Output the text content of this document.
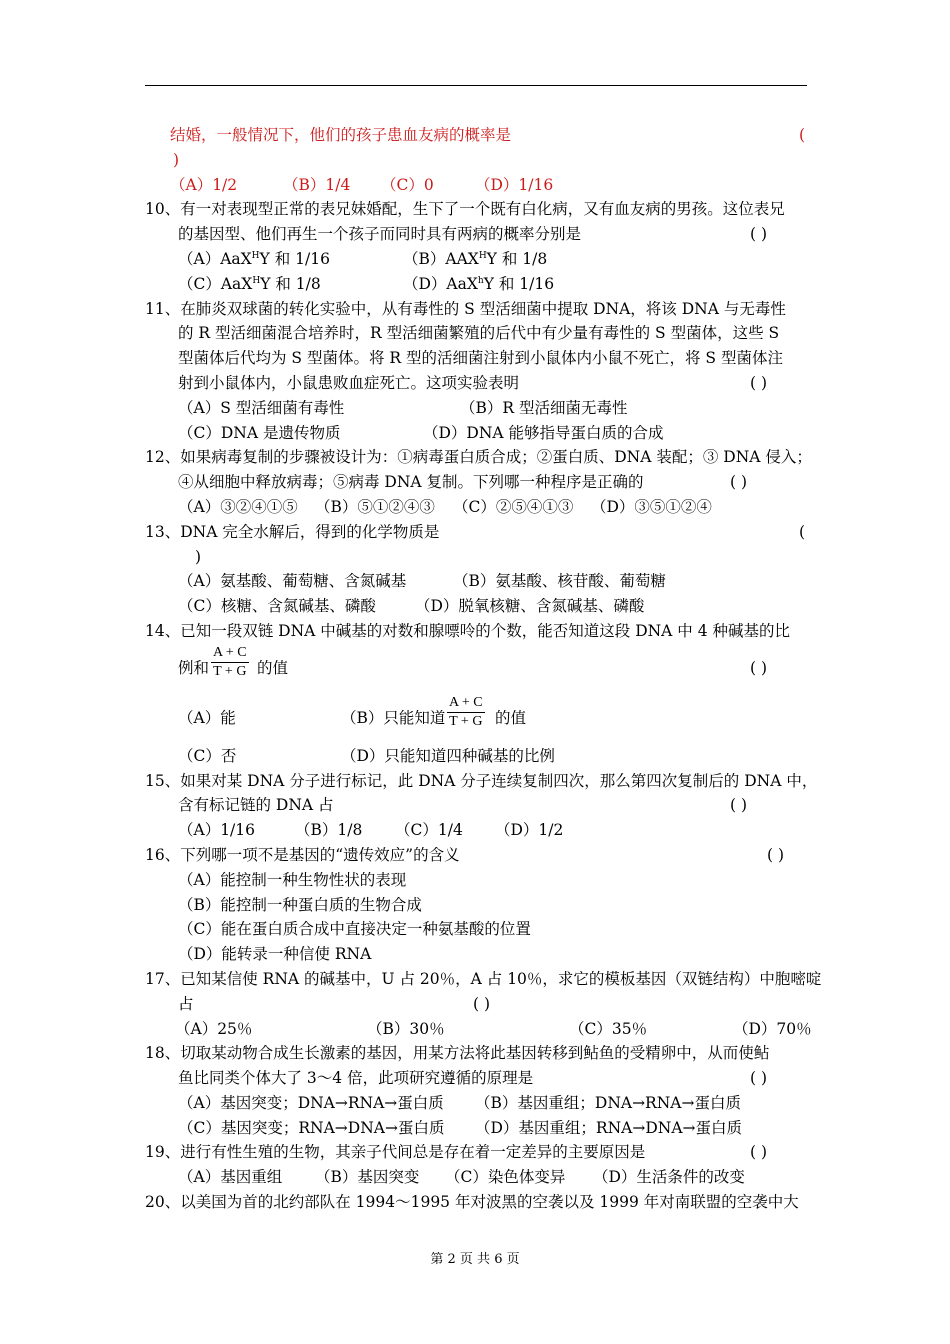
结婚，一般情况下，他们的孩子患血友病的概率是	(
)
（A）1/2	（B）1/4 （C）0	（D）1/16
10、有一对表现型正常的表兄妹婚配，生下了一个既有白化病，又有血友病的男孩。这位表兄
的基因型、他们再生一个孩子而同时具有两病的概率分别是	( )
（A）AaX$^H$Y 和 1/16	$(B)AAX^HY$ 和 1/8
（C）AaX$^H$Y 和 1/8	（D）AaX$^h$Y 和 1/16
11、在肺炎双球菌的转化实验中，从有毒性的 S 型活细菌中提取 DNA，将该 DNA 与无毒性
的 R 型活细菌混合培养时，R 型活细菌繁殖的后代中有少量有毒性的 S 型菌体，这些 S
型菌体后代均为 S 型菌体。将 R 型的活细菌注射到小鼠体内小鼠不死亡，将 S 型菌体注
射到小鼠体内，小鼠患败血症死亡。这项实验表明	( )
（A）S 型活细菌有毒性	（B）R 型活细菌无毒性
（C）DNA 是遗传物质	（D）DNA 能够指导蛋白质的合成
12、如果病毒复制的步骤被设计为：①病毒蛋白质合成；②蛋白质、DNA 装配；③ DNA 侵入；
④从细胞中释放病毒；⑤病毒 DNA 复制。下列哪一种程序是正确的	( )
（A）③②④①⑤ （B）⑤①②④③ （C）②⑤④①③ （D）③⑤①②④
13、DNA 完全水解后，得到的化学物质是	(
)
（A）氨基酸、葡萄糖、含氮碱基	（B）氨基酸、核苷酸、葡萄糖
（C）核糖、含氮碱基、磷酸	（D）脱氧核糖、含氮碱基、磷酸
14、已知一段双链 DNA 中碱基的对数和腺嘌呤的个数，能否知道这段 DNA 中 4 种碱基的比
例和 $\frac{A + C}{T + G}$ 的值	( )
（A）能	（B）只能知道 $\frac{A + C}{T + G}$ 的值
（C）否	（D）只能知道四种碱基的比例
15、如果对某 DNA 分子进行标记，此 DNA 分子连续复制四次，那么第四次复制后的 DNA 中，
含有标记链的 DNA 占	( )
（A）1/16	（B）1/8 （C）1/4 （D）1/2
16、下列哪一项不是基因的“遗传效应”的含义	( )
（A）能控制一种生物性状的表现
（B）能控制一种蛋白质的生物合成
（C）能在蛋白质合成中直接决定一种氨基酸的位置
（D）能转录一种信使 RNA
17、已知某信使 RNA 的碱基中，U 占 20％，A 占 10％，求它的模板基因（双链结构）中胞嘧啶
占	( )
（A）25％	（B）30％	（C）35％	（D）70％
18、切取某动物合成生长激素的基因，用某方法将此基因转移到鲇鱼的受精卵中，从而使鲇
鱼比同类个体大了 3～4 倍，此项研究遵循的原理是	( )
（A）基因突变；DNA→RNA→蛋白质 （B）基因重组；DNA→RNA→蛋白质
（C）基因突变；RNA→DNA→蛋白质 （D）基因重组；RNA→DNA→蛋白质
19、进行有性生殖的生物，其亲子代间总是存在着一定差异的主要原因是	( )
（A）基因重组 （B）基因突变 （C）染色体变异 （D）生活条件的改变
20、以美国为首的北约部队在 1994～1995 年对波黑的空袭以及 1999 年对南联盟的空袭中大
第 2 页 共 6 页
